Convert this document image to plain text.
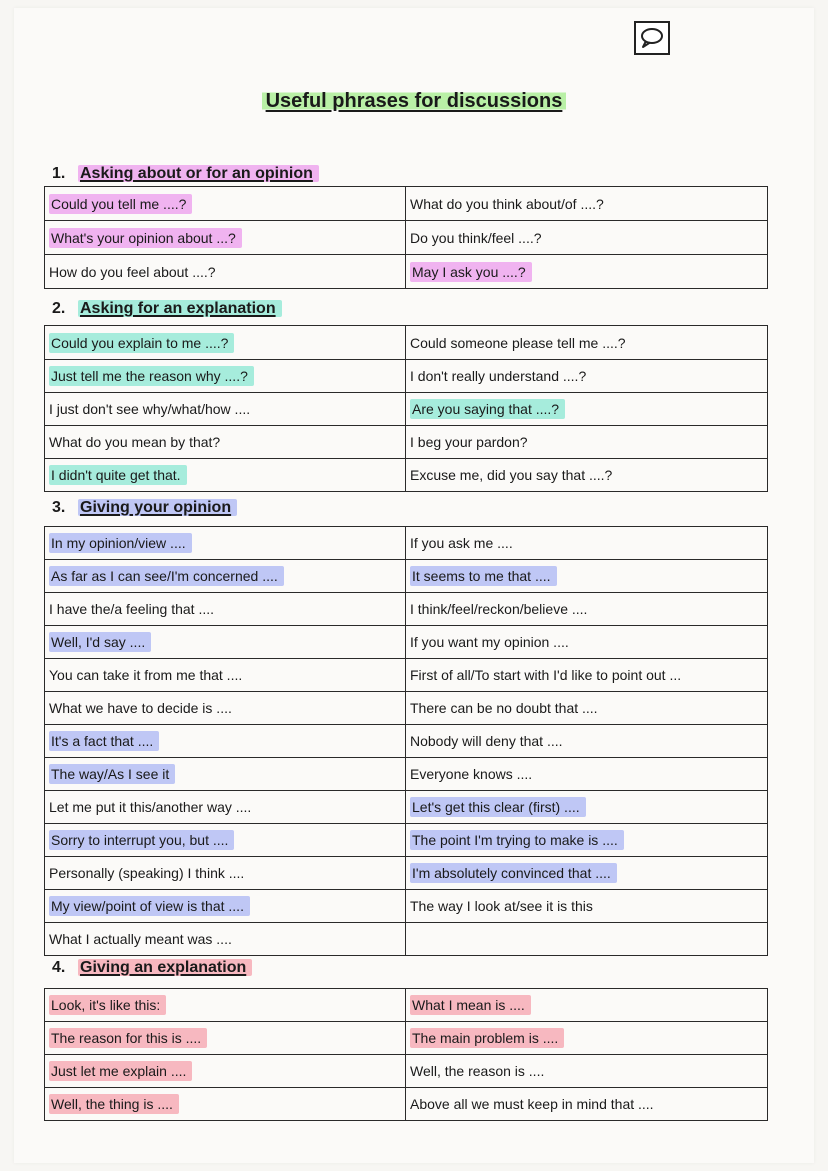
Useful phrases for discussions
1. Asking about or for an opinion
Could you tell me ....?	What do you think about/of ....?
What's your opinion about ...?	Do you think/feel ....?
How do you feel about ....?	May I ask you ....?
2. Asking for an explanation
Could you explain to me ....?	Could someone please tell me ....?
Just tell me the reason why ....?	I don't really understand ....?
I just don't see why/what/how ....	Are you saying that ....?
What do you mean by that?	I beg your pardon?
I didn't quite get that.	Excuse me, did you say that ....?
3. Giving your opinion
In my opinion/view ....	If you ask me ....
As far as I can see/I'm concerned ....	It seems to me that ....
I have the/a feeling that ....	I think/feel/reckon/believe ....
Well, I'd say ....	If you want my opinion ....
You can take it from me that ....	First of all/To start with I'd like to point out ...
What we have to decide is ....	There can be no doubt that ....
It's a fact that ....	Nobody will deny that ....
The way/As I see it	Everyone knows ....
Let me put it this/another way ....	Let's get this clear (first) ....
Sorry to interrupt you, but ....	The point I'm trying to make is ....
Personally (speaking) I think ....	I'm absolutely convinced that ....
My view/point of view is that ....	The way I look at/see it is this
What I actually meant was ....	
4. Giving an explanation
Look, it's like this:	What I mean is ....
The reason for this is ....	The main problem is ....
Just let me explain ....	Well, the reason is ....
Well, the thing is ....	Above all we must keep in mind that ....
